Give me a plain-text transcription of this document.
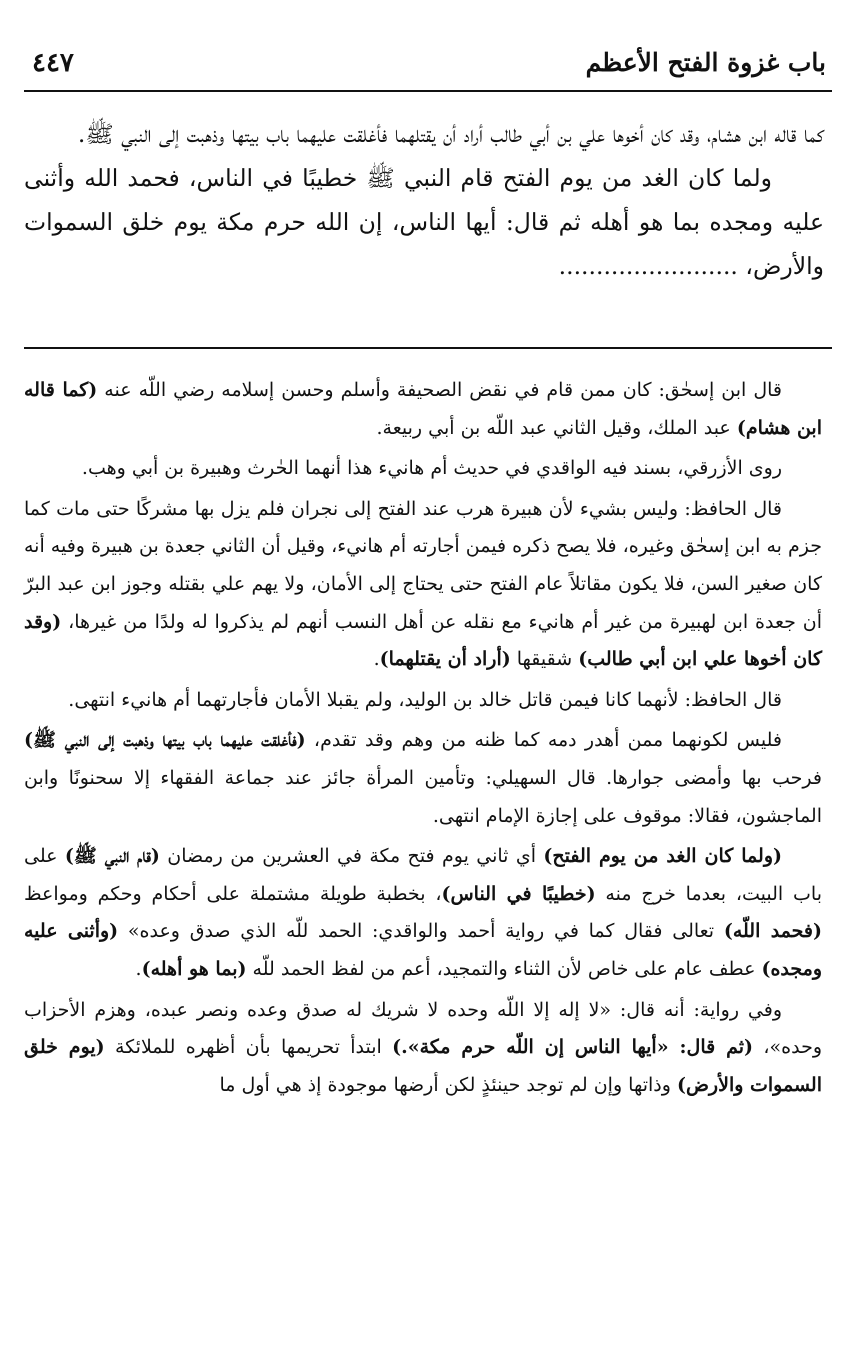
باب غزوة الفتح الأعظم
٤٤٧

كما قاله ابن هشام، وقد كان أخوها علي بن أبي طالب أراد أن يقتلهما فأغلقت عليهما باب بيتها وذهبت إلى النبي ﷺ.

ولما كان الغد من يوم الفتح قام النبي ﷺ خطيبًا في الناس، فحمد الله وأثنى عليه ومجده بما هو أهله ثم قال: أيها الناس، إن الله حرم مكة يوم خلق السموات والأرض، ........................

قال ابن إسحٰق: كان ممن قام في نقض الصحيفة وأسلم وحسن إسلامه رضي اللّه عنه (كما قاله ابن هشام) عبد الملك، وقيل الثاني عبد اللّه بن أبي ربيعة.

روى الأزرقي، بسند فيه الواقدي في حديث أم هانيء هذا أنهما الحٰرث وهبيرة بن أبي وهب.

قال الحافظ: وليس بشيء لأن هبيرة هرب عند الفتح إلى نجران فلم يزل بها مشركًا حتى مات كما جزم به ابن إسحٰق وغيره، فلا يصح ذكره فيمن أجارته أم هانيء، وقيل أن الثاني جعدة بن هبيرة وفيه أنه كان صغير السن، فلا يكون مقاتلاً عام الفتح حتى يحتاج إلى الأمان، ولا يهم علي بقتله وجوز ابن عبد البرّ أن جعدة ابن لهبيرة من غير أم هانيء مع نقله عن أهل النسب أنهم لم يذكروا له ولدًا من غيرها، (وقد كان أخوها علي ابن أبي طالب) شقيقها (أراد أن يقتلهما).

قال الحافظ: لأنهما كانا فيمن قاتل خالد بن الوليد، ولم يقبلا الأمان فأجارتهما أم هانيء انتهى.

فليس لكونهما ممن أهدر دمه كما ظنه من وهم وقد تقدم، (فأغلقت عليهما باب بيتها وذهبت إلى النبي ﷺ) فرحب بها وأمضى جوارها. قال السهيلي: وتأمين المرأة جائز عند جماعة الفقهاء إلا سحنونًا وابن الماجشون، فقالا: موقوف على إجازة الإمام انتهى.

(ولما كان الغد من يوم الفتح) أي ثاني يوم فتح مكة في العشرين من رمضان (قام النبي ﷺ) على باب البيت، بعدما خرج منه (خطيبًا في الناس)، بخطبة طويلة مشتملة على أحكام وحكم ومواعظ (فحمد اللّه) تعالى فقال كما في رواية أحمد والواقدي: الحمد للّه الذي صدق وعده» (وأثنى عليه ومجده) عطف عام على خاص لأن الثناء والتمجيد، أعم من لفظ الحمد للّه (بما هو أهله).

وفي رواية: أنه قال: «لا إله إلا اللّه وحده لا شريك له صدق وعده ونصر عبده، وهزم الأحزاب وحده»، (ثم قال: «أيها الناس إن اللّه حرم مكة».) ابتدأ تحريمها بأن أظهره للملائكة (يوم خلق السموات والأرض) وذاتها وإن لم توجد حينئذٍ لكن أرضها موجودة إذ هي أول ما
